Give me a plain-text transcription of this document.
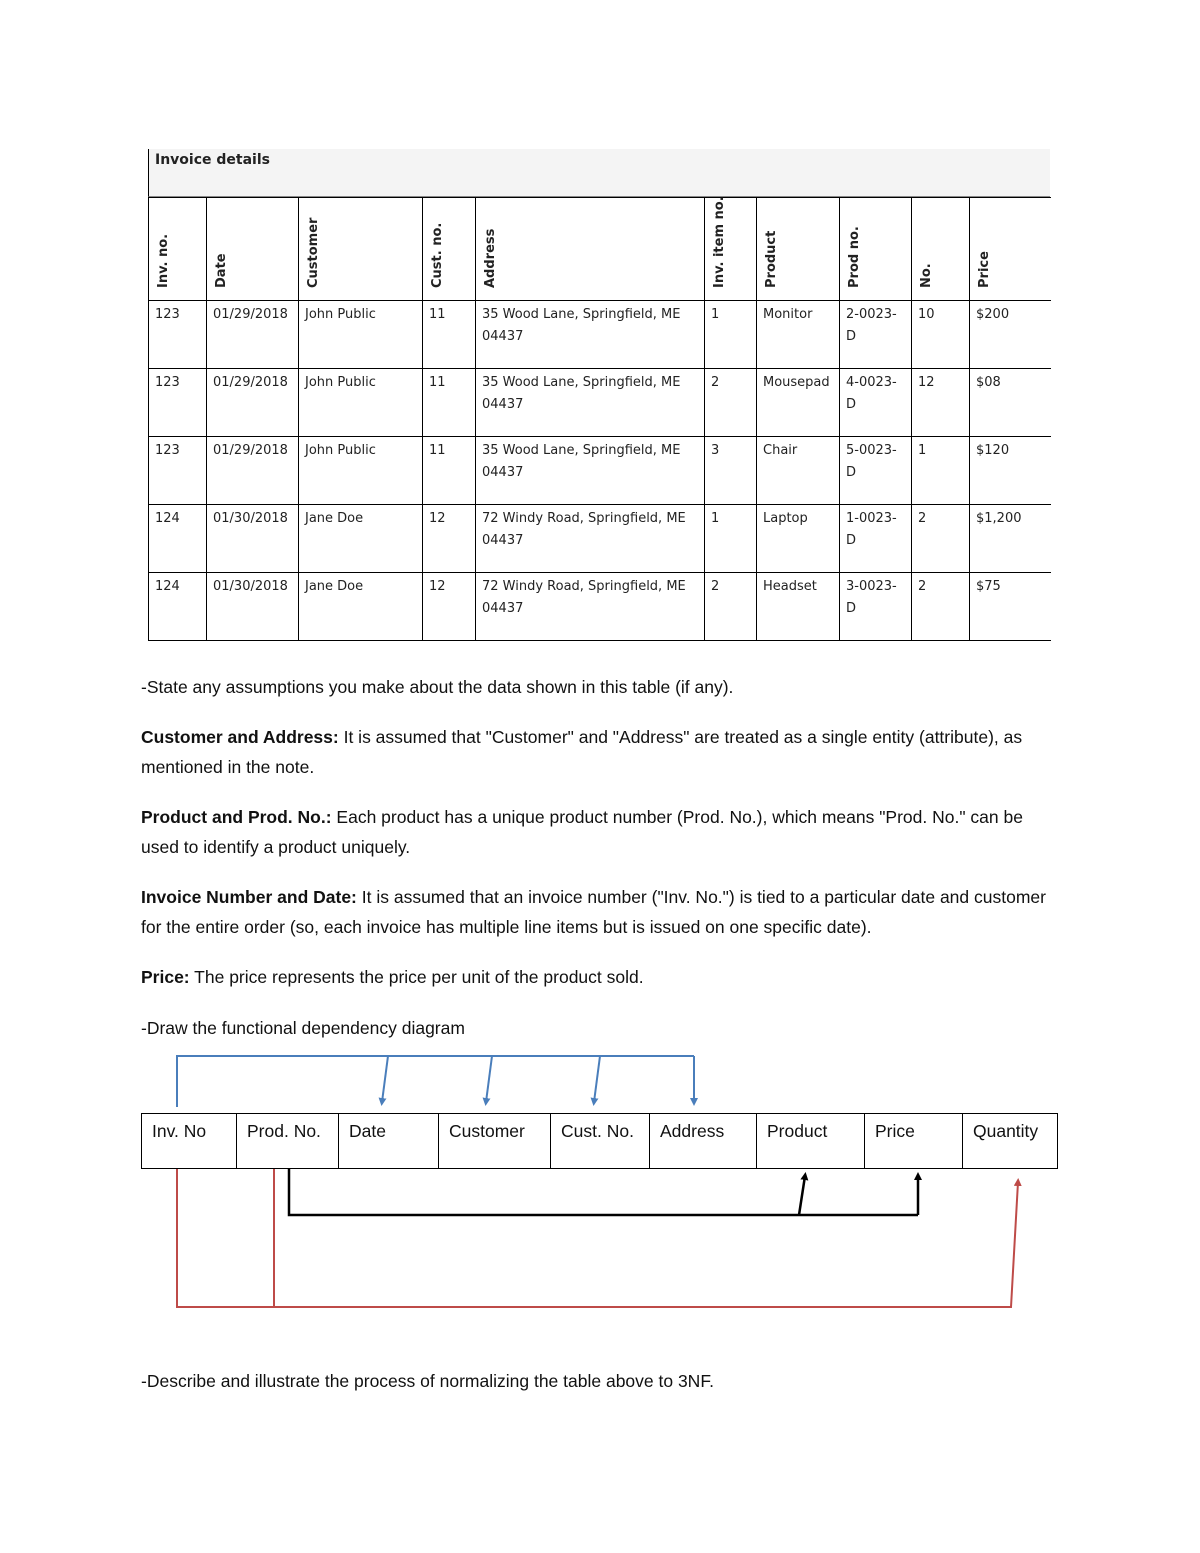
Invoice details
Inv. no.	Date	Customer	Cust. no.	Address	Inv. item no.	Product	Prod no.	No.	Price

123	01/29/2018	John Public	11	35 Wood Lane, Springfield, ME 04437	1	Monitor	2-0023-D	10	$200
123	01/29/2018	John Public	11	35 Wood Lane, Springfield, ME 04437	2	Mousepad	4-0023-D	12	$08
123	01/29/2018	John Public	11	35 Wood Lane, Springfield, ME 04437	3	Chair	5-0023-D	1	$120
124	01/30/2018	Jane Doe	12	72 Windy Road, Springfield, ME 04437	1	Laptop	1-0023-D	2	$1,200
124	01/30/2018	Jane Doe	12	72 Windy Road, Springfield, ME 04437	2	Headset	3-0023-D	2	$75
-State any assumptions you make about the data shown in this table (if any).
Customer and Address: It is assumed that "Customer" and "Address" are treated as a single entity (attribute), as mentioned in the note.
Product and Prod. No.: Each product has a unique product number (Prod. No.), which means "Prod. No." can be used to identify a product uniquely.
Invoice Number and Date: It is assumed that an invoice number ("Inv. No.") is tied to a particular date and customer for the entire order (so, each invoice has multiple line items but is issued on one specific date).
Price: The price represents the price per unit of the product sold.
-Draw the functional dependency diagram
Inv. No	Prod. No.	Date	Customer	Cust. No.	Address	Product	Price	Quantity
-Describe and illustrate the process of normalizing the table above to 3NF.
